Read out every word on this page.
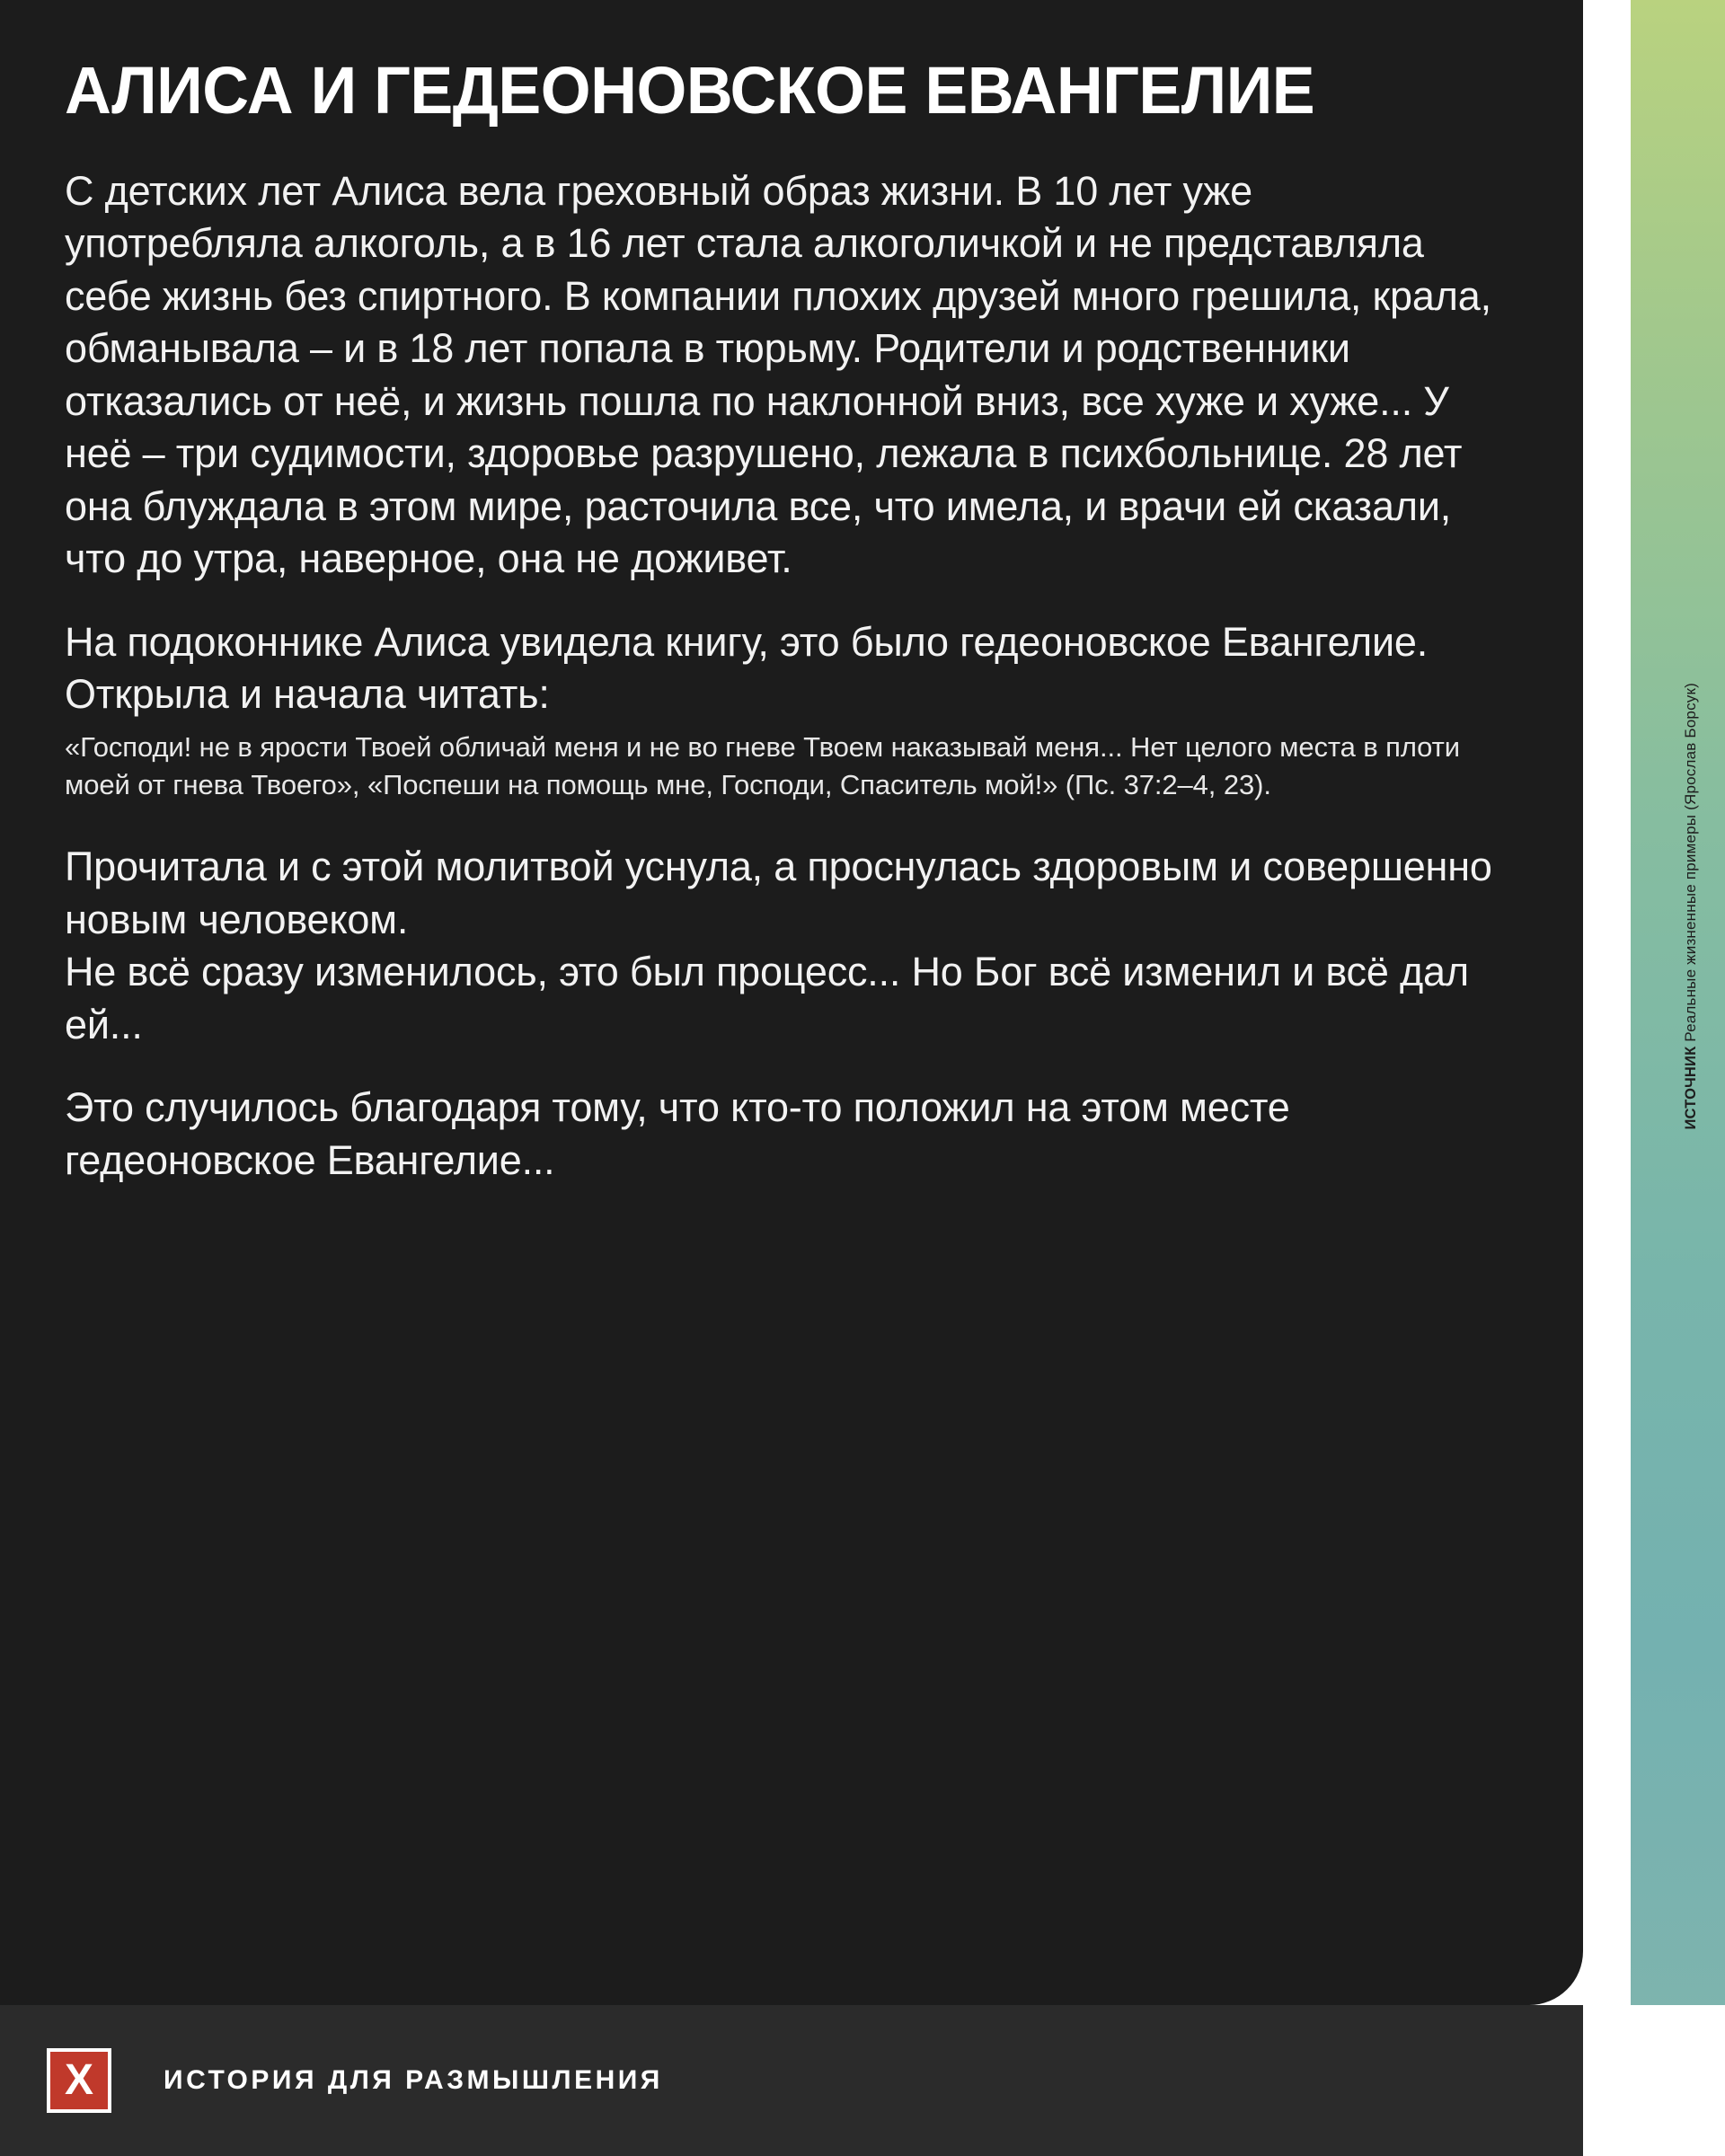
ИСТОЧНИК Реальные жизненные примеры (Ярослав Борсук)
АЛИСА И ГЕДЕОНОВСКОЕ ЕВАНГЕЛИЕ

С детских лет Алиса вела греховный образ жизни. В 10 лет уже употребляла алкоголь, а в 16 лет стала алкоголичкой и не представляла себе жизнь без спиртного. В компании плохих друзей много грешила, крала, обманывала – и в 18 лет попала в тюрьму. Родители и родственники отказались от неё, и жизнь пошла по наклонной вниз, все хуже и хуже... У неё – три судимости, здоровье разрушено, лежала в психбольнице. 28 лет она блуждала в этом мире, расточила все, что имела, и врачи ей сказали, что до утра, наверное, она не доживет.

На подоконнике Алиса увидела книгу, это было гедеоновское Евангелие. Открыла и начала читать:

«Господи! не в ярости Твоей обличай меня и не во гневе Твоем наказывай меня... Нет целого места в плоти моей от гнева Твоего», «Поспеши на помощь мне, Господи, Спаситель мой!» (Пс. 37:2–4, 23).

Прочитала и с этой молитвой уснула, а проснулась здоровым и совершенно новым человеком.

Не всё сразу изменилось, это был процесс... Но Бог всё изменил и всё дал ей...

Это случилось благодаря тому, что кто-то положил на этом месте гедеоновское Евангелие...

X	ИСТОРИЯ ДЛЯ РАЗМЫШЛЕНИЯ
